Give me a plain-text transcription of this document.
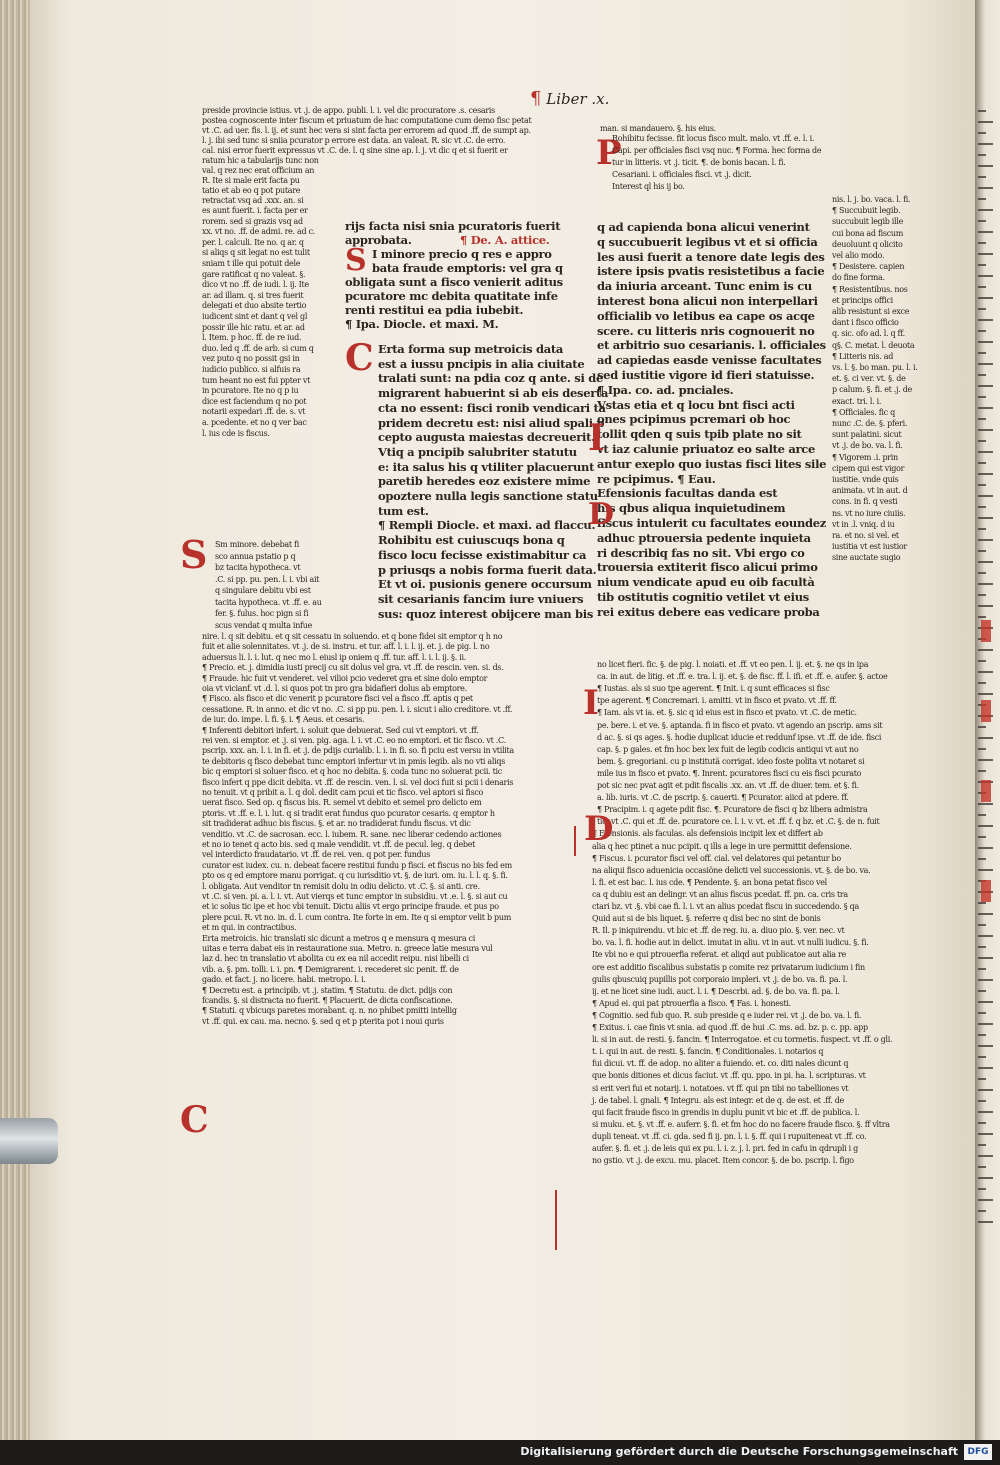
¶ Liber .x.
preside provincie istius. vt .j. de appo. publi. l. i. vel dic procuratore .s. cesaris
postea cognoscente inter fiscum et priuatum de hac computatione cum demo fisc petat
vt .C. ad uer. fis. l. ij. et sunt hec vera si sint facta per errorem ad quod .ff. de sumpt ap.
l. j. ibi sed tunc si sniia pcurator p errore est data. an valeat. R. sic vt .C. de erro.
cal. nisi error fuerit expressus vt .C. de. l. q sine sine ap. l. j. vt dic q et si fuerit er
ratum hic a tabularijs tunc non
val. q rez nec erat officium an
R. Ite si male erit facta pu
tatio et ab eo q pot putare
retractat vsq ad .xxx. an. si
es aunt fuerit. i. facta per er
rorem. sed si grazis vsq ad
xx. vt no. .ff. de admi. re. ad c.
per. l. calculi. Ite no. q ar. q
si aliqs q sit legat no est tulit
sniam t ille qui potuit dele
gare ratificat q no valeat. §.
dico vt no .ff. de iudi. l. ij. Ite
ar. ad illam. q. si tres fuerit
delegati et duo absite tertio
iudicent sint et dant q vel gl
possir ille hic ratu. et ar. ad
l. Item. p hoc. ff. de re iud.
duo. led q .ff. de arb. si cum q
vez puto q no possit gsi in
iudicio publico. si alfuis ra
tum heant no est fui ppter vt
in pcuratore. Ite no q p iu
dice est faciendum q no pot
notarii expedari .ff. de. s. vt
a. pcedente. et no q ver bac
l. ius cde is fiscus.
rijs facta nisi snia pcuratoris fuerit
approbata.	¶ De. A. attice.
S I minore precio q res e appro
bata fraude emptoris: vel gra q
obligata sunt a fisco venierit aditus
pcuratore mc debita quatitate infe
renti restitui ea pdia iubebit.
¶ Ipa. Diocle. et maxi. M.
C Erta forma sup metroicis data
est a iussu pncipis in alia ciuitate
tralati sunt: na pdia coz q ante. si de
migrarent habuerint si ab eis deserta
cta no essent: fisci ronib vendicari ta
pridem decretu est: nisi aliud spali p
cepto augusta maiestas decreuerit.
Vtiq a pncipib salubriter statutu
e: ita salus his q vtiliter placuerunt
paretib heredes eoz existere mime
opoztere nulla legis sanctione statu
tum est.
¶ Rempli Diocle. et maxi. ad flaccu.
Rohibitu est cuiuscuqs bona q
fisco locu fecisse existimabitur ca
p priusqs a nobis forma fuerit data.
Et vt oi. pusionis genere occursum
sit cesarianis fancim iure vniuers
sus: quoz interest obijcere man bis
Sm minore. debebat fi
sco annua pstatio p q
bz tacita hypotheca. vt
.C. si pp. pu. pen. l. i. vbi ait
q singulare debitu vbi est
tacita hypotheca. vt .ff. e. au
fer. §. fulus. hoc pign si fi
scus vendat q multa infue
man. si mandauero. §. his eius.
P
Rohibitu fecisse. fit locus fisco mult. malo. vt .ff. e. l. i.
Capi. per officiales fisci vsq nuc. ¶ Forma. hec forma de
tur in litteris. vt .j. ticit. ¶. de bonis bacan. l. fi.
Cesariani. i. officiales fisci. vt .j. dicit.
Interest ql his ij bo.
q ad capienda bona alicui venerint
q succubuerit legibus vt et si officia
les ausi fuerit a tenore date legis des
istere ipsis pvatis resistetibus a facie
da iniuria arceant. Tunc enim is cu
interest bona alicui non interpellari
officialib vo letibus ea cape os acqe
scere. cu litteris nris cognouerit no
et arbitrio suo cesarianis. l. officiales
ad capiedas easde venisse facultates
sed iustitie vigore id fieri statuisse.
¶ Ipa. co. ad. pnciales.
Vstas etia et q locu bnt fisci acti
ones pcipimus pcremari ob hoc
tollit qden q suis tpib plate no sit
vt iaz calunie priuatoz eo salte arce
antur exeplo quo iustas fisci lites sile
re pcipimus. ¶ Eau.
Efensionis facultas danda est
his qbus aliqua inquietudinem
fiscus intulerit cu facultates eoundez
adhuc ptrouersia pedente inquieta
ri describiq fas no sit. Vbi ergo co
trouersia extiterit fisco alicui primo
nium vendicate apud eu oib facultà
tib ostitutis cognitio vetilet vt eius
rei exitus debere eas vedicare proba
nis. l. j. bo. vaca. l. fi.
¶ Succubuit legib.
succubuit legib ille
cui bona ad fiscum
deuoluunt q olicito
vel alio modo.
¶ Desistere. capien
do fine forma.
¶ Resistentibus. nos
et princips offici
alib resistunt si exce
dant i fisco officio
q. sic. ofo ad. l. q ff.
q§. C. metat. l. deuota
¶ Litteris nis. ad
vs. l. §. bo man. pu. l. i.
et. §. ci ver. vt. §. de
p calum. §. fi. et .j. de
exact. tri. l. i.
¶ Officiales. fic q
nunc .C. de. §. pferi.
sunt palatini. sicut
vt .j. de bo. va. l. fi.
¶ Vigorem .i. prin
cipem qui est vigor
iustitie. vnde quis
animata. vt in aut. d
cons. in fi. q vesti
ns. vt no iure ciuiis.
vt in .l. vniq. d iu
ra. et no. si vel. et
iustitia vt est iustior
sine auctate sugio
nire. l. q sit debitu. et q sit cessatu in soluendo. et q bone fidei sit emptor q h no
fuit et alie solennitates. vt .j. de si. instru. et tur. aff. l. i. l. ij. et. j. de pig. l. no
aduersus li. l. i. lut. q nec mo l. eiusl ip oniem q .ff. tur. aff. l. i. l. ij. §. ii.
¶ Precio. et. j. dimidia iusti precij cu sit dolus vel gra. vt .ff. de rescin. ven. si. ds.
¶ Fraude. hic fuit vt venderet. vel vilioi pcio vederet gra et sine dolo emptor
oia vt vicianf. vt .d. l. si quos pot tn pro gra bidafieri dolus ab emptore.
¶ Fisco. als fisco et dic venerit p pcuratore fisci vel a fisco .ff. aptis q pet
cessatione. R. in anno. et dic vt no. .C. si pp pu. pen. l. i. sicut i alio creditore. vt .ff.
de iur. do. impe. l. fi. §. i. ¶ Aeus. et cesaris.
¶ Inferenti debitori infert. i. soluit que debuerat. Sed cui vt emptori. vt .ff.
rei ven. si emptor. et .j. si ven. pig. aga. l. i. vt .C. eo no emptori. et tic fisco. vt .C.
pscrip. xxx. an. l. i. in fi. et .j. de pdijs curialib. l. i. in fi. so. fi pciu est versu in vtilita
te debitoris q fisco debebat tunc emptori infertur vt in pmis legib. als no vti aliqs
bic q emptori si soluer fisco. et q hoc no debita. §. coda tunc no soluerat pcii. tic
fisco infert q ppe dicit debita. vt .ff. de rescin. ven. l. si. vel doci fuit si pcii i denaris
no tenuit. vt q pribit a. l. q dol. dedit cam pcui et tic fisco. vel aptori si fisco
uerat fisco. Sed op. q fiscus bis. R. semel vt debito et semel pro delicto em
ptoris. vt .ff. e. l. i. lut. q si tradit erat fundus quo pcurator cesaris. q emptor h
sit tradiderat adhuc bis fiscus. §. et ar. no tradiderat fundu fiscus. vt dic
venditio. vt .C. de sacrosan. ecc. l. iubem. R. sane. nec liberar cedendo actiones
et no io tenet q acto bis. sed q male vendidit. vt .ff. de pecul. leg. q debet
vel interdicto fraudatario. vt .ff. de rei. ven. q pot per. fundus
curator est iudex. cu. n. debeat facere restitui fundu p fisci. et fiscus no bis fed em
pto os q ed emptore manu porrigat. q cu iurisditio vt. §. de iuri. om. iu. l. l. q. §. fi.
l. obligata. Aut venditor tn remisit dolu in odiu delicto. vt .C. §. si anti. cre.
vt .C. si ven. pi. a. l. i. vt. Aut vierqs et tunc emptor in subsidiu. vt .e. l. §. si aut cu
et ic solus tic ipe et hoc vbi tenuit. Dictu aliis vt ergo principe fraude. et pus po
plere pcui. R. vt no. in. d. l. cum contra. Ite forte in em. Ite q si emptor velit b pum
et m qui. in contractibus.
Erta metroicis. hic translati sic dicunt a metros q e mensura q mesura ci
uitas e terra dabat eis in restauratione sua. Metro. n. greece latie mesura vul
laz d. hec tn translatio vt abolita cu ex ea nil accedit reipu. nisi libelli ci
vib. a. §. pm. tolli. i. i. pn. ¶ Demigrarent. i. recederet sic penit. ff. de
gado. et fact. j. no licere. habi. metropo. l. i.
¶ Decretu est. a principib. vt .j. statim. ¶ Statutu. de dict. pdijs con
fcandis. §. si distracta no fuerit. ¶ Placuerit. de dicta confiscatione.
¶ Statuti. q vbicuqs paretes morabant. q. n. no phibet pmitti intellig
vt .ff. qui. ex cau. ma. necno. §. sed q et p pterita pot i noui quris
no licet fieri. fic. §. de pig. l. noiati. et .ff. vt eo pen. l. ij. et. §. ne qs in ipa
ca. in aut. de litig. et .ff. e. tra. l. ij. et. §. de fisc. ff. l. ifi. et .ff. e. aufer. §. actoe
¶ Iustas. als si suo tpe agerent. ¶ Init. i. q sunt efficaces si fisc
tpe agerent. ¶ Concremari. i. amitti. vt in fisco et pvato. vt .ff. ff.
¶ Iam. als vt ia. et. §. sic q id eius est in fisco et pvato. vt .C. de metic.
pe. bere. i. et ve. §. aptanda. fi in fisco et pvato. vt agendo an pscrip. ams sit
d ac. §. si qs ages. §. hodie duplicat iducie et reddunf ipse. vt .ff. de ide. fisci
cap. §. p gales. et fm hoc bex lex fuit de legib codicis antiqui vt aut no
bem. §. gregoriani. cu p institutä corrigat. ideo foste polita vt notaret si
mile ius in fisco et pvato. ¶. Inrent. pcuratores fisci cu eis fisci pcurato
pot sic nec pvat agit et pdit fiscalis .xx. an. vt .ff. de diuer. tem. et §. fi.
a. lib. iuris. vt .C. de pscrip. §. cauerti. ¶ Pcurator. aiicd at pdere. ff.
¶ Pracipim. i. q agete pdit fisc. ¶. Pcuratore de fisci q bz libera admistra
tio. vt .C. qui et .ff. de. pcuratore ce. l. i. v. vt. et .ff. f. q bz. et .C. §. de n. fuit
¶ Efensionis. als faculas. als defensiois incipit lex et differt ab
alia q hec ptinet a nuc pcipit. q ills a lege in ure permittit defensione.
¶ Fiscus. i. pcurator fisci vel off. cial. vel delatores qui petantur bo
na aliqui fisco aduenicia occasiöne delicti vel successionis. vt. §. de bo. va.
l. fi. et est bac. l. ius cde. ¶ Pendente. §. an bona petat fisco vel
ca q dubiu est an delingr. vt an alius fiscus pcedat. ff. pn. ca. cris tra
ctari bz. vt .§. vbi cae fi. l. i. vt an alius pcedat fiscu in succedendo. § qa
Quid aut si de bis liquet. §. referre q disi bec no sint de bonis
R. Il. p iniquirendu. vt bic et .ff. de reg. iu. a. diuo pio. §. ver. nec. vt
bo. va. l. fi. hodie aut in delict. imutat in aliu. vt in aut. vt nulli iudicu. §. fi.
Ite vbi no e qui ptrouerfia referat. et aliqd aut publicatoe aut alia re
ore est additio fiscalibus substatis p comite rez privatarum iudicium i fin
gulis qbuscuiq pupillis pot corporaio impleri. vt .j. de bo. va. fi. pa. l.
ij. et ne licet sine iudi. auct. l. i. ¶ Descrbi. ad. §. de bo. va. fi. pa. l.
¶ Apud ei. qui pat ptrouerfia a fisco. ¶ Fas. i. honesti.
¶ Cognitio. sed fub quo. R. sub preside q e iuder rei. vt .j. de bo. va. l. fi.
¶ Exitus. i. cae finis vt snia. ad quod .ff. de hui .C. ms. ad. bz. p. c. pp. app
li. si in aut. de resti. §. fancin. ¶ Interrogatoe. et cu tormetis. fuspect. vt .ff. o gli.
t. i. qui in aut. de resti. §. fancin. ¶ Conditionales. i. notarios q
fui dicui. vt. ff. de adop. no aliter a fuiendo. et. co. diti nales dicunt q
que bonis ditiones et dicus faciut. vt .ff. qu. ppo. in pi. ha. l. scripturas. vt
si erit veri fui et notarij. i. notatoes. vt ff. qui pn tibi no tabelliones vt
j. de tabel. l. gnali. ¶ Integru. als est integr. et de q. de est. et .ff. de
qui facit fraude fisco in grendis in duplu punit vt bic et .ff. de publica. l.
si muku. et. §. vt .ff. e. auferr. §. fi. et fm hoc do no facere fraude fisco. §. ff vltra
dupli teneat. vt .ff. ci. gda. sed fi ij. pn. l. i. §. ff. qui i rupuiteneat vt .ff. co.
aufer. §. fi. et .j. de leis qui ex pu. l. i. z. j. l. pri. fed in cafu in qdrupli i g
no gstio. vt .j. de excu. mu. placet. Item concor. §. de bo. pscrip. l. figo
S
D
C
I
D
I
Digitalisierung gefördert durch die Deutsche Forschungsgemeinschaft	DFG
